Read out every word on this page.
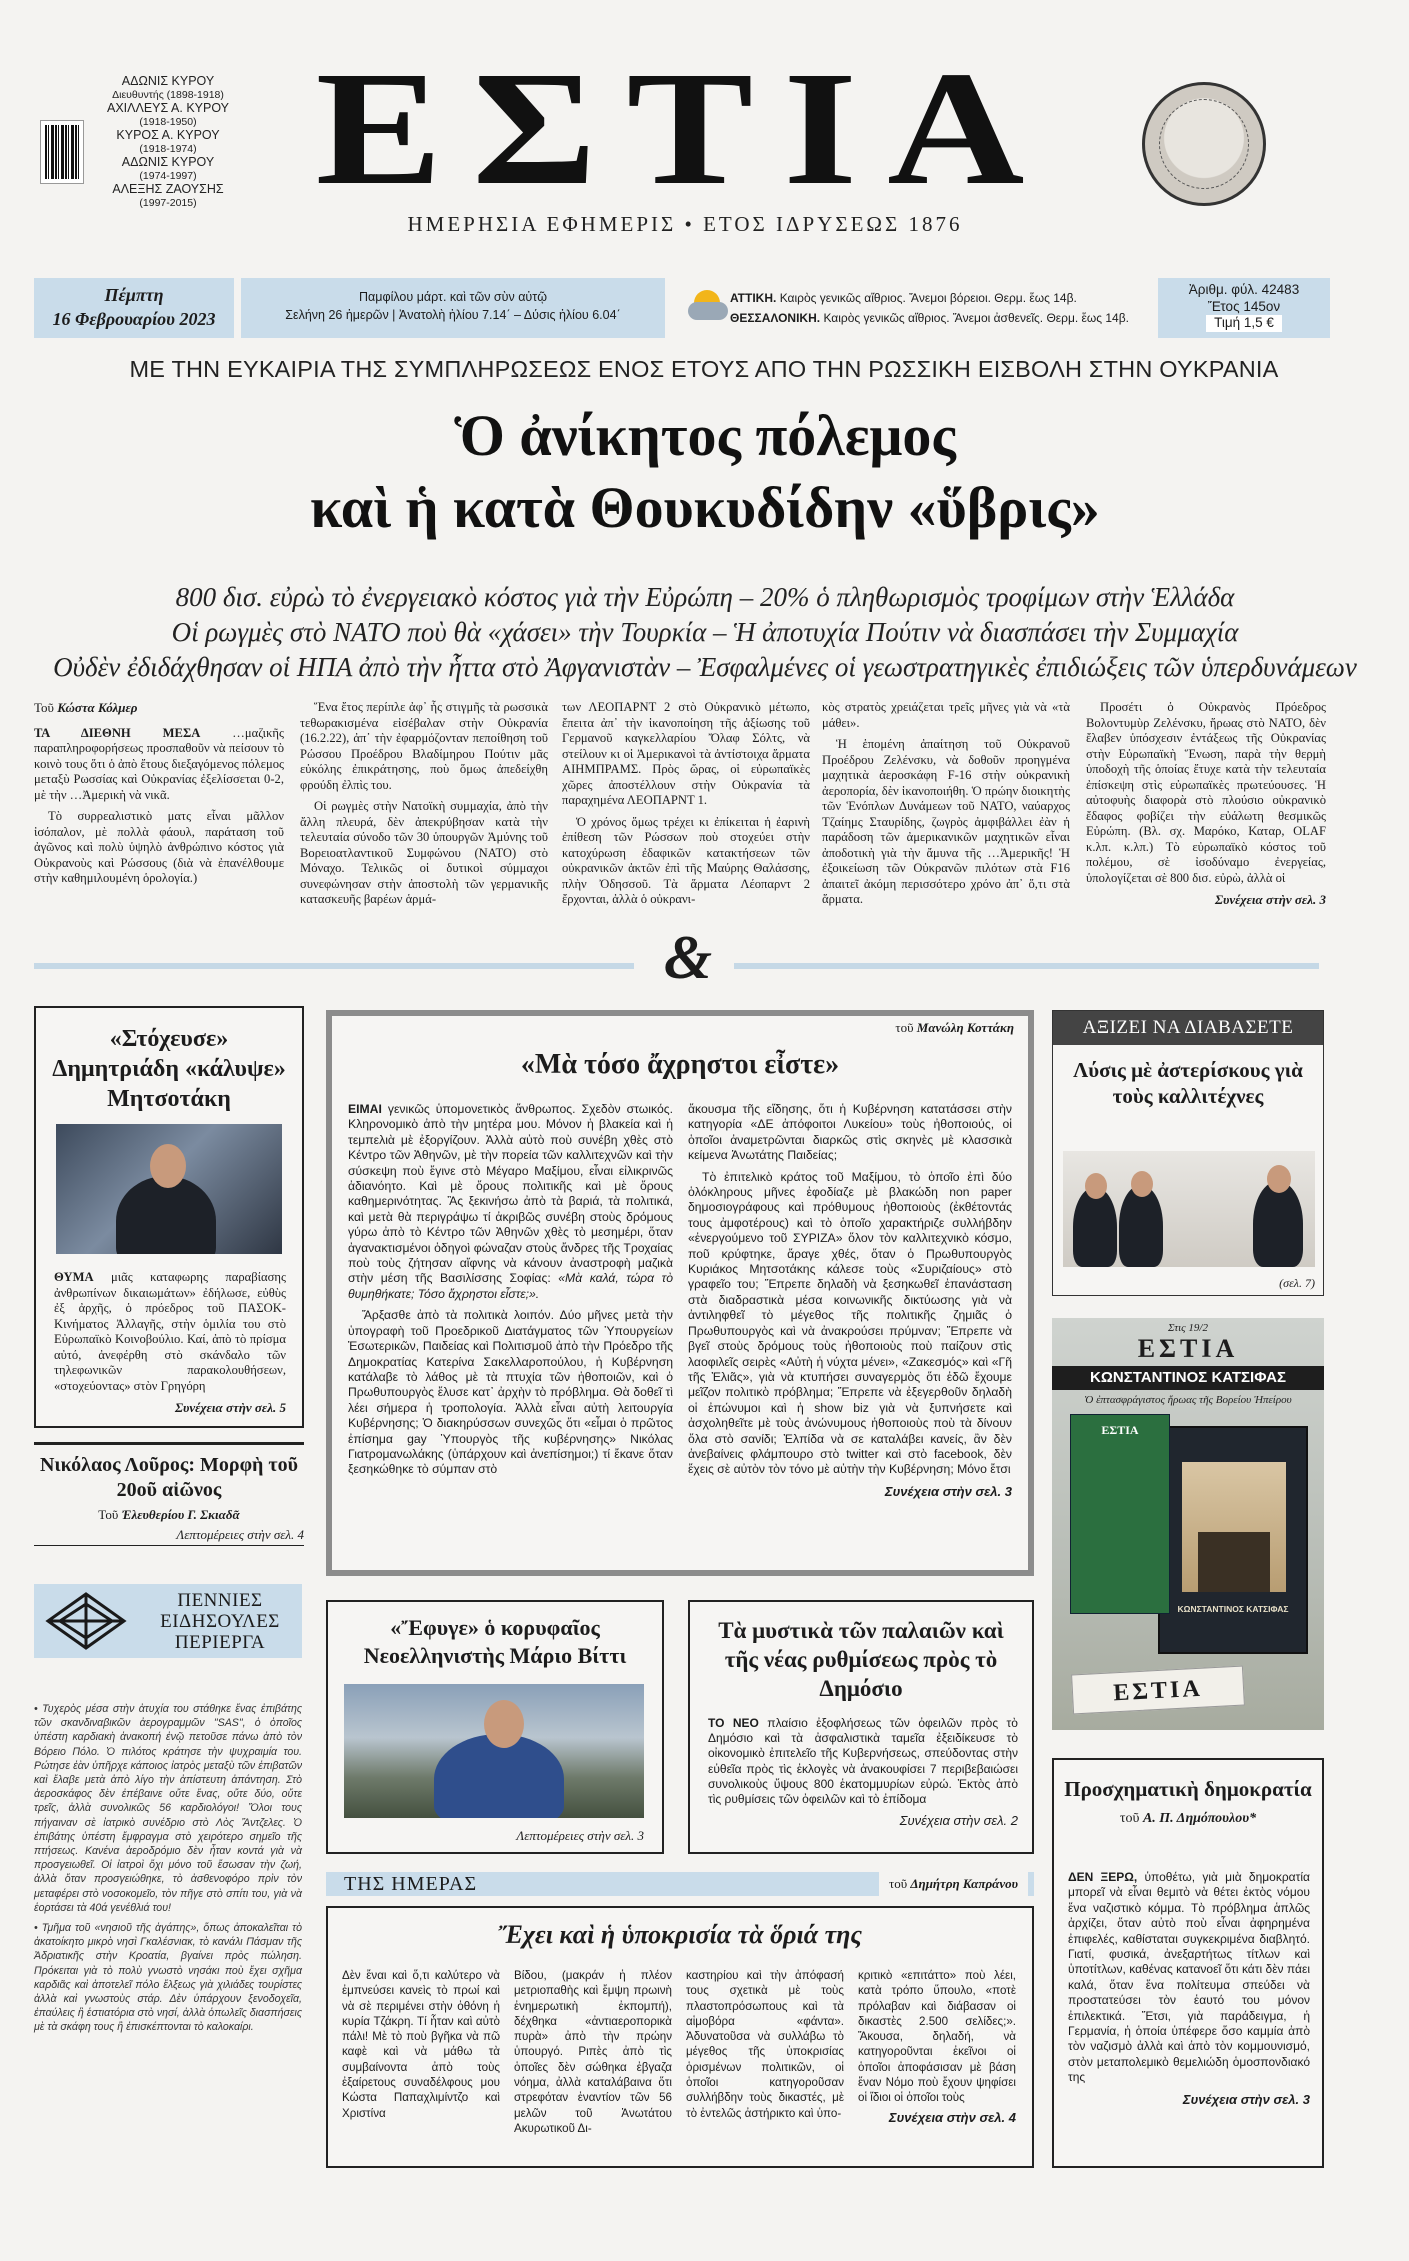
ΑΔΩΝΙΣ ΚΥΡΟΥ
Διευθυντής (1898-1918)
ΑΧΙΛΛΕΥΣ Α. ΚΥΡΟΥ
(1918-1950)
ΚΥΡΟΣ Α. ΚΥΡΟΥ
(1918-1974)
ΑΔΩΝΙΣ ΚΥΡΟΥ
(1974-1997)
ΑΛΕΞΗΣ ΖΑΟΥΣΗΣ
(1997-2015) ΕΣΤΙΑ
ΗΜΕΡΗΣΙΑ ΕΦΗΜΕΡΙΣ • ΕΤΟΣ ΙΔΡΥΣΕΩΣ 1876
Πέμπτη
16 Φεβρουαρίου 2023
Παμφίλου μάρτ. καὶ τῶν σὺν αὐτῷ
Σελήνη 26 ἡμερῶν | Ἀνατολὴ ἡλίου 7.14΄ – Δύσις ἡλίου 6.04΄
ΑΤΤΙΚΗ. Καιρὸς γενικῶς αἴθριος. Ἄνεμοι βόρειοι. Θερμ. ἕως 14β.
ΘΕΣΣΑΛΟΝΙΚΗ. Καιρὸς γενικῶς αἴθριος. Ἄνεμοι ἀσθενεῖς. Θερμ. ἕως 14β.
Ἀριθμ. φύλ. 42483
Ἔτος 145ον
Τιμή 1,5 €
ΜΕ ΤΗΝ ΕΥΚΑΙΡΙΑ ΤΗΣ ΣΥΜΠΛΗΡΩΣΕΩΣ ΕΝΟΣ ΕΤΟΥΣ ΑΠΟ ΤΗΝ ΡΩΣΣΙΚΗ ΕΙΣΒΟΛΗ ΣΤΗΝ ΟΥΚΡΑΝΙΑ
Ὁ ἀνίκητος πόλεμος
καὶ ἡ κατὰ Θουκυδίδην «ὕβρις»
800 δισ. εὐρὼ τὸ ἐνεργειακὸ κόστος γιὰ τὴν Εὐρώπη – 20% ὁ πληθωρισμὸς τροφίμων στὴν Ἑλλάδα
Οἱ ρωγμὲς στὸ ΝΑΤΟ ποὺ θὰ «χάσει» τὴν Τουρκία – Ἡ ἀποτυχία Πούτιν νὰ διασπάσει τὴν Συμμαχία
Οὐδὲν ἐδιδάχθησαν οἱ ΗΠΑ ἀπὸ τὴν ἧττα στὸ Ἀφγανιστὰν – Ἐσφαλμένες οἱ γεωστρατηγικὲς ἐπιδιώξεις τῶν ὑπερδυνάμεων
Τοῦ Κώστα Κόλμερ

ΤΑ ΔΙΕΘΝΗ ΜΕΣΑ	…μαζικῆς παραπληροφορήσεως προσπαθοῦν νὰ πείσουν τὸ κοινὸ τους ὅτι ὁ ἀπὸ ἔτους διεξαγόμενος πόλεμος μεταξὺ Ρωσσίας καὶ Οὐκρανίας ἐξελίσσεται 0-2, μὲ τὴν …Ἀμερικὴ νὰ νικᾶ.

Τὸ συρρεαλιστικὸ ματς εἶναι μᾶλλον ἰσόπαλον, μὲ πολλὰ φάουλ, παράταση τοῦ ἀγῶνος καὶ πολὺ ὑψηλὸ ἀνθρώπινο κόστος γιὰ Οὐκρανοὺς καὶ Ρώσσους (διὰ νὰ ἐπανέλθουμε στὴν καθημιλουμένη ὁρολογία.)

Ἕνα ἔτος περίπλε ἀφ᾽ ἧς στιγμῆς τὰ ρωσσικὰ τεθωρακισμένα εἰσέβαλαν στὴν Οὐκρανία (16.2.22), ἀπ᾽ τὴν ἐφαρμόζονταν πεποίθηση τοῦ Ρώσσου Προέδρου Βλαδίμηρου Πούτιν μᾶς εὐκόλης ἐπικράτησης, ποὺ ὅμως ἀπεδείχθη φρούδη ἐλπὶς του.

Οἱ ρωγμὲς στὴν Νατοϊκὴ συμμαχία, ἀπὸ τὴν ἄλλη πλευρά, δὲν ἀπεκρύβησαν κατὰ τὴν τελευταία σύνοδο τῶν 30 ὑπουργῶν Ἀμύνης τοῦ Βορειοατλαντικοῦ Συμφώνου (ΝΑΤΟ) στὸ Μόναχο. Τελικῶς οἱ δυτικοὶ σύμμαχοι συνεφώνησαν στὴν ἀποστολὴ τῶν γερμανικῆς κατασκευῆς βαρέων ἁρμά-

των ΛΕΟΠΑΡΝΤ 2 στὸ Οὐκρανικὸ μέτωπο, ἔπειτα ἀπ᾽ τὴν ἱκανοποίηση τῆς ἀξίωσης τοῦ Γερμανοῦ καγκελλαρίου Ὄλαφ Σόλτς, νὰ στείλουν κι οἱ Ἀμερικανοὶ τὰ ἀντίστοιχα ἅρματα ΑΙΗΜΠΡΑΜΣ. Πρὸς ὥρας, οἱ εὐρωπαϊκὲς χῶρες ἀποστέλλουν στὴν Οὐκρανία τὰ παραχημένα ΛΕΟΠΑΡΝΤ 1.

Ὁ χρόνος ὅμως τρέχει κι ἐπίκειται ἡ ἐαρινὴ ἐπίθεση τῶν Ρώσσων ποὺ στοχεύει στὴν κατοχύρωση ἐδαφικῶν κατακτήσεων τῶν οὐκρανικῶν ἀκτῶν ἐπὶ τῆς Μαύρης Θαλάσσης, πλὴν Ὀδησσοῦ. Τὰ ἅρματα Λέοπαρντ 2 ἔρχονται, ἀλλὰ ὁ οὐκρανι-

κὸς στρατὸς χρειάζεται τρεῖς μῆνες γιὰ νὰ «τὰ μάθει».

Ἡ ἑπομένη ἀπαίτηση τοῦ Οὐκρανοῦ Προέδρου Ζελένσκυ, νὰ δοθοῦν προηγμένα μαχητικὰ ἀεροσκάφη F-16 στὴν οὐκρανικὴ ἀεροπορία, δὲν ἱκανοποιήθη. Ὁ πρώην διοικητὴς τῶν Ἑνόπλων Δυνάμεων τοῦ ΝΑΤΟ, ναύαρχος Τζαίημς Σταυρίδης, ζωγρὸς ἀμφιβάλλει ἐὰν ἡ παράδοση τῶν ἀμερικανικῶν μαχητικῶν εἶναι ἀποδοτικὴ γιὰ τὴν ἄμυνα τῆς …Ἀμερικῆς! Ἡ ἐξοικείωση τῶν Οὐκρανῶν πιλότων στὰ F16 ἀπαιτεῖ ἀκόμη περισσότερο χρόνο ἀπ᾽ ὅ,τι στὰ ἅρματα.

Προσέτι ὁ Οὐκρανὸς Πρόεδρος Βολοντυμὺρ Ζελένσκυ, ἥρωας στὸ ΝΑΤΟ, δὲν ἔλαβεν ὑπόσχεσιν ἐντάξεως τῆς Οὐκρανίας στὴν Εὐρωπαϊκὴ Ἕνωση, παρὰ τὴν θερμὴ ὑποδοχὴ τῆς ὁποίας ἔτυχε κατὰ τὴν τελευταία ἐπίσκεψη στὶς εὐρωπαϊκὲς πρωτεύουσες. Ἡ αὐτοφυὴς διαφορὰ στὸ πλούσιο οὐκρανικὸ ἔδαφος φοβίζει τὴν εὐάλωτη θεσμικῶς Εὐρώπη. (Βλ. σχ. Μαρόκο, Καταρ, OLAF κ.λπ. κ.λπ.) Τὸ εὐρωπαϊκὸ κόστος τοῦ πολέμου, σὲ ἰσοδύναμο ἐνεργείας, ὑπολογίζεται σὲ 800 δισ. εὐρὼ, ἀλλὰ οἱ

Συνέχεια στὴν σελ. 3
&
«Στόχευσε» Δημητριάδη «κάλυψε» Μητσοτάκη

ΘΥΜΑ μιᾶς καταφωρης παραβίασης ἀνθρωπίνων δικαιωμάτων» ἐδήλωσε, εὐθὺς ἐξ ἀρχῆς, ὁ πρόεδρος τοῦ ΠΑΣΟΚ-Κινήματος Ἀλλαγῆς, στὴν ὁμιλία του στὸ Εὐρωπαϊκὸ Κοινοβούλιο. Καί, ἀπὸ τὸ πρίσμα αὐτό, ἀνεφέρθη στὸ σκάνδαλο τῶν τηλεφωνικῶν παρακολουθήσεων, «στοχεύοντας» στὸν Γρηγόρη

Συνέχεια στὴν σελ. 5
Νικόλαος Λοῦρος: Μορφὴ τοῦ 20οῦ αἰῶνος
Τοῦ Ἐλευθερίου Γ. Σκιαδᾶ
Λεπτομέρειες στὴν σελ. 4
ΠΕΝΝΙΕΣ
ΕΙΔΗΣΟΥΛΕΣ
ΠΕΡΙΕΡΓΑ

• Τυχερὸς μέσα στὴν ἀτυχία του στάθηκε ἕνας ἐπιβάτης τῶν σκανδιναβικῶν ἀερογραμμῶν "SAS", ὁ ὁποῖος ὑπέστη καρδιακὴ ἀνακοπή ἐνῷ πετοῦσε πάνω ἀπὸ τὸν Βόρειο Πόλο. Ὁ πιλότος κράτησε τὴν ψυχραιμία του. Ρώτησε ἐὰν ὑπῆρχε κάποιος ἰατρὸς μεταξὺ τῶν ἐπιβατῶν καὶ ἔλαβε μετὰ ἀπὸ λίγο τὴν ἀπίστευτη ἀπάντηση. Στὸ ἀεροσκάφος δὲν ἐπέβαινε οὔτε ἕνας, οὔτε δύο, οὔτε τρεῖς, ἀλλὰ συνολικῶς 56 καρδιολόγοι! Ὅλοι τους πήγαιναν σὲ ἰατρικὸ συνέδριο στὸ Λὸς Ἄντζελες. Ὁ ἐπιβάτης ὑπέστη ἔμφραγμα στὸ χειρότερο σημεῖο τῆς πτήσεως. Κανένα ἀεροδρόμιο δὲν ἦταν κοντά γιὰ νὰ προσγειωθεῖ. Οἱ ἰατροὶ ὄχι μόνο τοῦ ἔσωσαν τὴν ζωή, ἀλλὰ ὅταν προσγειώθηκε, τὸ ἀσθενοφόρο πρὶν τὸν μεταφέρει στὸ νοσοκομεῖο, τὸν πῆγε στὸ σπίτι του, γιὰ νὰ ἑορτάσει τὰ 40ά γενέθλιά του!

• Τμῆμα τοῦ «νησιοῦ τῆς ἀγάπης», ὅπως ἀποκαλεῖται τὸ ἀκατοίκητο μικρὸ νησὶ Γκαλέσνιακ, τὸ κανάλι Πάσμαν τῆς Ἀδριατικῆς στὴν Κροατία, βγαίνει πρὸς πώληση. Πρόκειται γιὰ τὸ πολὺ γνωστὸ νησάκι ποὺ ἔχει σχῆμα καρδιᾶς καὶ ἀποτελεῖ πόλο ἕλξεως γιὰ χιλιάδες τουρίστες ἀλλὰ καὶ γνωστοὺς στάρ. Δὲν ὑπάρχουν ξενοδοχεῖα, ἐπαύλεις ἢ ἑστιατόρια στὸ νησί, ἀλλὰ ὁπωλεῖς διασπήσεις μὲ τὰ σκάφη τους ἢ ἐπισκέπτονται τὸ καλοκαίρι.

τοῦ Μανώλη Κοττάκη
«Μὰ τόσο ἄχρηστοι εἶστε»

ΕΙΜΑΙ γενικῶς ὑπομονετικὸς ἄνθρωπος. Σχεδὸν στωικός. Κληρονομικὸ ἀπὸ τὴν μητέρα μου. Μόνον ἡ βλακεία καὶ ἡ τεμπελιὰ μὲ ἐξοργίζουν. Ἀλλὰ αὐτὸ ποὺ συνέβη χθὲς στὸ Κέντρο τῶν Ἀθηνῶν, μὲ τὴν πορεία τῶν καλλιτεχνῶν καὶ τὴν σύσκεψη ποὺ ἔγινε στὸ Μέγαρο Μαξίμου, εἶναι εἰλικρινῶς ἀδιανόητο. Καὶ μὲ ὅρους πολιτικῆς καὶ μὲ ὅρους καθημερινότητας. Ἂς ξεκινήσω ἀπὸ τὰ βαριά, τὰ πολιτικά, καὶ μετὰ θὰ περιγράψω τί ἀκριβῶς συνέβη στοὺς δρόμους γύρω ἀπὸ τὸ Κέντρο τῶν Ἀθηνῶν χθὲς τὸ μεσημέρι, ὅταν ἀγανακτισμένοι ὁδηγοὶ φώναζαν στοὺς ἄνδρες τῆς Τροχαίας ποὺ τοὺς ζήτησαν αἴφνης νὰ κάνουν ἀναστροφὴ μαζικὰ στὴν μέση τῆς Βασιλίσσης Σοφίας: «Μὰ καλά, τώρα τὸ θυμηθήκατε; Τόσο ἄχρηστοι εἶστε;».

Ἄρξασθε ἀπὸ τὰ πολιτικὰ λοιπόν. Δύο μῆνες μετὰ τὴν ὑπογραφὴ τοῦ Προεδρικοῦ Διατάγματος τῶν Ὑπουργείων Ἐσωτερικῶν, Παιδείας καὶ Πολιτισμοῦ ἀπὸ τὴν Πρόεδρο τῆς Δημοκρατίας Κατερίνα Σακελλαροπούλου, ἡ Κυβέρνηση κατάλαβε τὸ λάθος μὲ τὰ πτυχία τῶν ἠθοποιῶν, καὶ ὁ Πρωθυπουργὸς ἔλυσε κατ᾽ ἀρχὴν τὸ πρόβλημα. Θὰ δοθεῖ τὶ λέει σήμερα ἡ τροπολογία. Ἀλλὰ εἶναι αὐτὴ λειτουργία Κυβέρνησης; Ὁ διακηρύσσων συνεχῶς ὅτι «εἶμαι ὁ πρῶτος ἐπίσημα gay Ὑπουργὸς τῆς κυβέρνησης» Νικόλας Γιατρομανωλάκης (ὑπάρχουν καὶ ἀνεπίσημοι;) τί ἔκανε ὅταν ξεσηκώθηκε τὸ σύμπαν στὸ

ἄκουσμα τῆς εἴδησης, ὅτι ἡ Κυβέρνηση κατατάσσει στὴν κατηγορία «ΔΕ ἀπόφοιτοι Λυκείου» τοὺς ἠθοποιούς, οἱ ὁποῖοι ἀναμετρῶνται διαρκῶς στὶς σκηνὲς μὲ κλασσικὰ κείμενα Ἀνωτάτης Παιδείας;

Τὸ ἐπιτελικὸ κράτος τοῦ Μαξίμου, τὸ ὁποῖο ἐπὶ δύο ὁλόκληρους μῆνες ἐφοδίαζε μὲ βλακώδη non paper δημοσιογράφους καὶ πρόθυμους ἠθοποιοὺς (ἐκθέτοντάς τους ἀμφοτέρους) καὶ τὸ ὁποῖο χαρακτήριζε συλλήβδην «ἐνεργούμενο τοῦ ΣΥΡΙΖΑ» ὅλον τὸν καλλιτεχνικὸ κόσμο, ποῦ κρύφτηκε, ἄραγε χθές, ὅταν ὁ Πρωθυπουργὸς Κυριάκος Μητσοτάκης κάλεσε τοὺς «Συριζαίους» στὸ γραφεῖο του; Ἔπρεπε δηλαδὴ νὰ ξεσηκωθεῖ ἐπανάσταση στὰ διαδραστικὰ μέσα κοινωνικῆς δικτύωσης γιὰ νὰ ἀντιληφθεῖ τὸ μέγεθος τῆς πολιτικῆς ζημιᾶς ὁ Πρωθυπουργὸς καὶ νὰ ἀνακρούσει πρύμναν; Ἔπρεπε νὰ βγεῖ στοὺς δρόμους τοὺς ἠθοποιοὺς ποὺ παίζουν στὶς λαοφιλεῖς σειρὲς «Αὐτὴ ἡ νύχτα μένει», «Ζακεσμός» καὶ «Γῆ τῆς Ἐλιᾶς», γιὰ νὰ κτυπήσει συναγερμὸς ὅτι ἐδῶ ἔχουμε μεῖζον πολιτικὸ πρόβλημα; Ἔπρεπε νὰ ἐξεγερθοῦν δηλαδὴ οἱ ἐπώνυμοι καὶ ἡ show biz γιὰ νὰ ξυπνήσετε καὶ ἀσχοληθεῖτε μὲ τοὺς ἀνώνυμους ἠθοποιοὺς ποὺ τὰ δίνουν ὅλα στὸ σανίδι; Ἐλπίδα νὰ σε καταλάβει κανείς, ἂν δὲν ἀνεβαίνεις φλάμπουρο στὸ twitter καὶ στὸ facebook, δὲν ἔχεις σὲ αὐτὸν τὸν τόνο μὲ αὐτὴν τὴν Κυβέρνηση; Μόνο ἔτσι

Συνέχεια στὴν σελ. 3
«Ἔφυγε» ὁ κορυφαῖος Νεοελληνιστὴς Μάριο Βίττι
Λεπτομέρειες στὴν σελ. 3
Τὰ μυστικὰ τῶν παλαιῶν καὶ τῆς νέας ρυθμίσεως πρὸς τὸ Δημόσιο

ΤΟ ΝΕΟ πλαίσιο ἐξοφλήσεως τῶν ὀφειλῶν πρὸς τὸ Δημόσιο καὶ τὰ ἀσφαλιστικὰ ταμεῖα ἐξειδίκευσε τὸ οἰκονομικὸ ἐπιτελεῖο τῆς Κυβερνήσεως, σπεύδοντας στὴν εὐθεῖα πρὸς τὶς ἐκλογὲς νὰ ἀνακουφίσει 7 περιβεβαιώσει συνολικοὺς ὕψους 800 ἑκατομμυρίων εὐρώ. Ἐκτὸς ἀπὸ τὶς ρυθμίσεις τῶν ὀφειλῶν καὶ τὸ ἐπίδομα

Συνέχεια στὴν σελ. 2
ΤΗΣ ΗΜΕΡΑΣ	τοῦ Δημήτρη Καπράνου
Ἔχει καὶ ἡ ὑποκρισία τὰ ὅριά της
Δὲν ἔναι καὶ ὅ,τι καλύτερο νὰ ἐμπνεύσει κανεὶς τὸ πρωί καὶ νὰ σὲ περιμένει στὴν ὀθόνη ἡ κυρία Τζάκρη. Τί ἦταν καὶ αὐτὸ πάλι! Μὲ τὸ ποὺ βγῆκα νὰ πῶ καφὲ καὶ νὰ μάθω τὰ συμβαίνοντα ἀπὸ τοὺς ἐξαίρετους συναδέλφους μου Κώστα Παπαχλιμίντζο καὶ Χριστίνα
Βίδου, (μακράν ἡ πλέον μετριοπαθὴς καὶ ἔμψη πρωινὴ ἐνημερωτικὴ ἐκπομπή), δέχθηκα «ἀντιαεροπορικὰ πυρὰ» ἀπὸ τὴν πρώην ὑπουργό. Ριπὲς ἀπὸ τὶς ὁποῖες δὲν σώθηκα ἐβγαζα νόημα, ἀλλὰ καταλάβαινα ὅτι στρεφόταν ἐναντίον τῶν 56 μελῶν τοῦ Ἀνωτάτου Ακυρωτικοῦ Δι-
καστηρίου καὶ τὴν ἀπόφασή τους σχετικὰ μὲ τοὺς πλαστοπρόσωπους καὶ τὰ αἱμοβόρα «φάντα». Ἀδυνατοῦσα νὰ συλλάβω τὸ μέγεθος τῆς ὑποκρισίας ὁρισμένων πολιτικῶν, οἱ ὁποῖοι κατηγοροῦσαν συλλήβδην τοὺς δικαστές, μὲ τὸ ἐντελῶς ἀστήρικτο καὶ ὑπο-
κριτικὸ «επιτάττο» ποὺ λέει, κατὰ τρόπο ὕπουλο, «ποτὲ πρόλαβαν καὶ διάβασαν οἱ δικαστὲς 2.500 σελίδες;». Ἄκουσα, δηλαδή, νὰ κατηγοροῦνται ἐκεῖνοι οἱ ὁποῖοι ἀποφάσισαν μὲ βάση ἕναν Νόμο ποὺ ἔχουν ψηφίσει οἱ ἴδιοι οἱ ὁποῖοι τοὺς
Συνέχεια στὴν σελ. 4
ΑΞΙΖΕΙ ΝΑ ΔΙΑΒΑΣΕΤΕ
Λύσις μὲ ἀστερίσκους γιὰ τοὺς καλλιτέχνες
(σελ. 7)
Στις 19/2
ΕΣΤΙΑ
ΚΩΝΣΤΑΝΤΙΝΟΣ ΚΑΤΣΙΦΑΣ
Ὁ ἐπτασφράγιστος ἥρωας τῆς Βορείου Ἠπείρου
ΚΩΝΣΤΑΝΤΙΝΟΣ ΚΑΤΣΙΦΑΣ
ΕΣΤΙΑ
ΕΣΤΙΑ
Προσχηματικὴ δημοκρατία
τοῦ Α. Π. Δημόπουλου*

ΔΕΝ ΞΕΡΩ, ὑποθέτω, γιὰ μιὰ δημοκρατία μπορεῖ νὰ εἶναι θεμιτὸ νὰ θέτει ἐκτὸς νόμου ἕνα ναζιστικὸ κόμμα. Τὸ πρόβλημα ἁπλῶς ἀρχίζει, ὅταν αὐτὸ ποὺ εἶναι ἀφηρημένα ἐπιφελές, καθίσταται συγκεκριμένα διαβλητό. Γιατί, φυσικά, ἀνεξαρτήτως τίτλων καὶ ὑποτίτλων, καθένας κατανοεῖ ὅτι κάτι δὲν πάει καλά, ὅταν ἕνα πολίτευμα σπεύδει νὰ προστατεύσει τὸν ἑαυτό του μόνον ἐπιλεκτικά. Ἔτσι, γιὰ παράδειγμα, ἡ Γερμανία, ἡ ὁποία ὑπέφερε ὅσο καμμία ἀπὸ τὸν ναζισμὸ ἀλλὰ καὶ ἀπὸ τὸν κομμουνισμό, στὸν μεταπολεμικὸ θεμελιώδη ὁμοσπονδιακό της

Συνέχεια στὴν σελ. 3
